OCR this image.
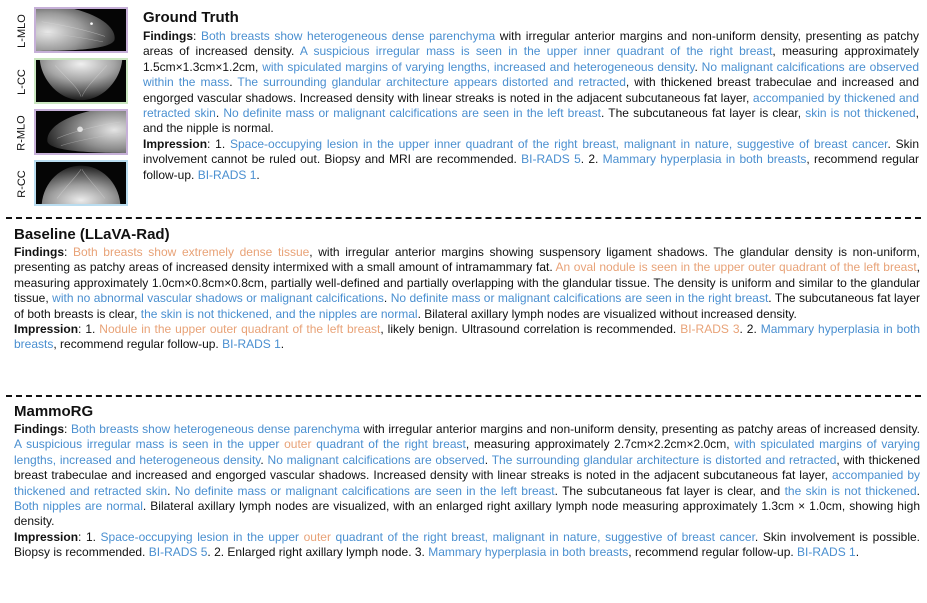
L-MLO
L-CC
R-MLO
R-CC
Ground Truth

Findings: Both breasts show heterogeneous dense parenchyma with irregular anterior margins and non-uniform density, presenting as patchy areas of increased density. A suspicious irregular mass is seen in the upper inner quadrant of the right breast, measuring approximately 1.5cm×1.3cm×1.2cm, with spiculated margins of varying lengths, increased and heterogeneous density. No malignant calcifications are observed within the mass. The surrounding glandular architecture appears distorted and retracted, with thickened breast trabeculae and increased and engorged vascular shadows. Increased density with linear streaks is noted in the adjacent subcutaneous fat layer, accompanied by thickened and retracted skin. No definite mass or malignant calcifications are seen in the left breast. The subcutaneous fat layer is clear, skin is not thickened, and the nipple is normal.

Impression: 1. Space-occupying lesion in the upper inner quadrant of the right breast, malignant in nature, suggestive of breast cancer. Skin involvement cannot be ruled out. Biopsy and MRI are recommended. BI-RADS 5. 2. Mammary hyperplasia in both breasts, recommend regular follow-up. BI-RADS 1.

Baseline (LLaVA-Rad)

Findings: Both breasts show extremely dense tissue, with irregular anterior margins showing suspensory ligament shadows. The glandular density is non-uniform, presenting as patchy areas of increased density intermixed with a small amount of intramammary fat. An oval nodule is seen in the upper outer quadrant of the left breast, measuring approximately 1.0cm×0.8cm×0.8cm, partially well-defined and partially overlapping with the glandular tissue. The density is uniform and similar to the glandular tissue, with no abnormal vascular shadows or malignant calcifications. No definite mass or malignant calcifications are seen in the right breast. The subcutaneous fat layer of both breasts is clear, the skin is not thickened, and the nipples are normal. Bilateral axillary lymph nodes are visualized without increased density.

Impression: 1. Nodule in the upper outer quadrant of the left breast, likely benign. Ultrasound correlation is recommended. BI-RADS 3. 2. Mammary hyperplasia in both breasts, recommend regular follow-up. BI-RADS 1.

MammoRG

Findings: Both breasts show heterogeneous dense parenchyma with irregular anterior margins and non-uniform density, presenting as patchy areas of increased density. A suspicious irregular mass is seen in the upper outer quadrant of the right breast, measuring approximately 2.7cm×2.2cm×2.0cm, with spiculated margins of varying lengths, increased and heterogeneous density. No malignant calcifications are observed. The surrounding glandular architecture is distorted and retracted, with thickened breast trabeculae and increased and engorged vascular shadows. Increased density with linear streaks is noted in the adjacent subcutaneous fat layer, accompanied by thickened and retracted skin. No definite mass or malignant calcifications are seen in the left breast. The subcutaneous fat layer is clear, and the skin is not thickened. Both nipples are normal. Bilateral axillary lymph nodes are visualized, with an enlarged right axillary lymph node measuring approximately 1.3cm × 1.0cm, showing high density.

Impression: 1. Space-occupying lesion in the upper outer quadrant of the right breast, malignant in nature, suggestive of breast cancer. Skin involvement is possible. Biopsy is recommended. BI-RADS 5. 2. Enlarged right axillary lymph node. 3. Mammary hyperplasia in both breasts, recommend regular follow-up. BI-RADS 1.
